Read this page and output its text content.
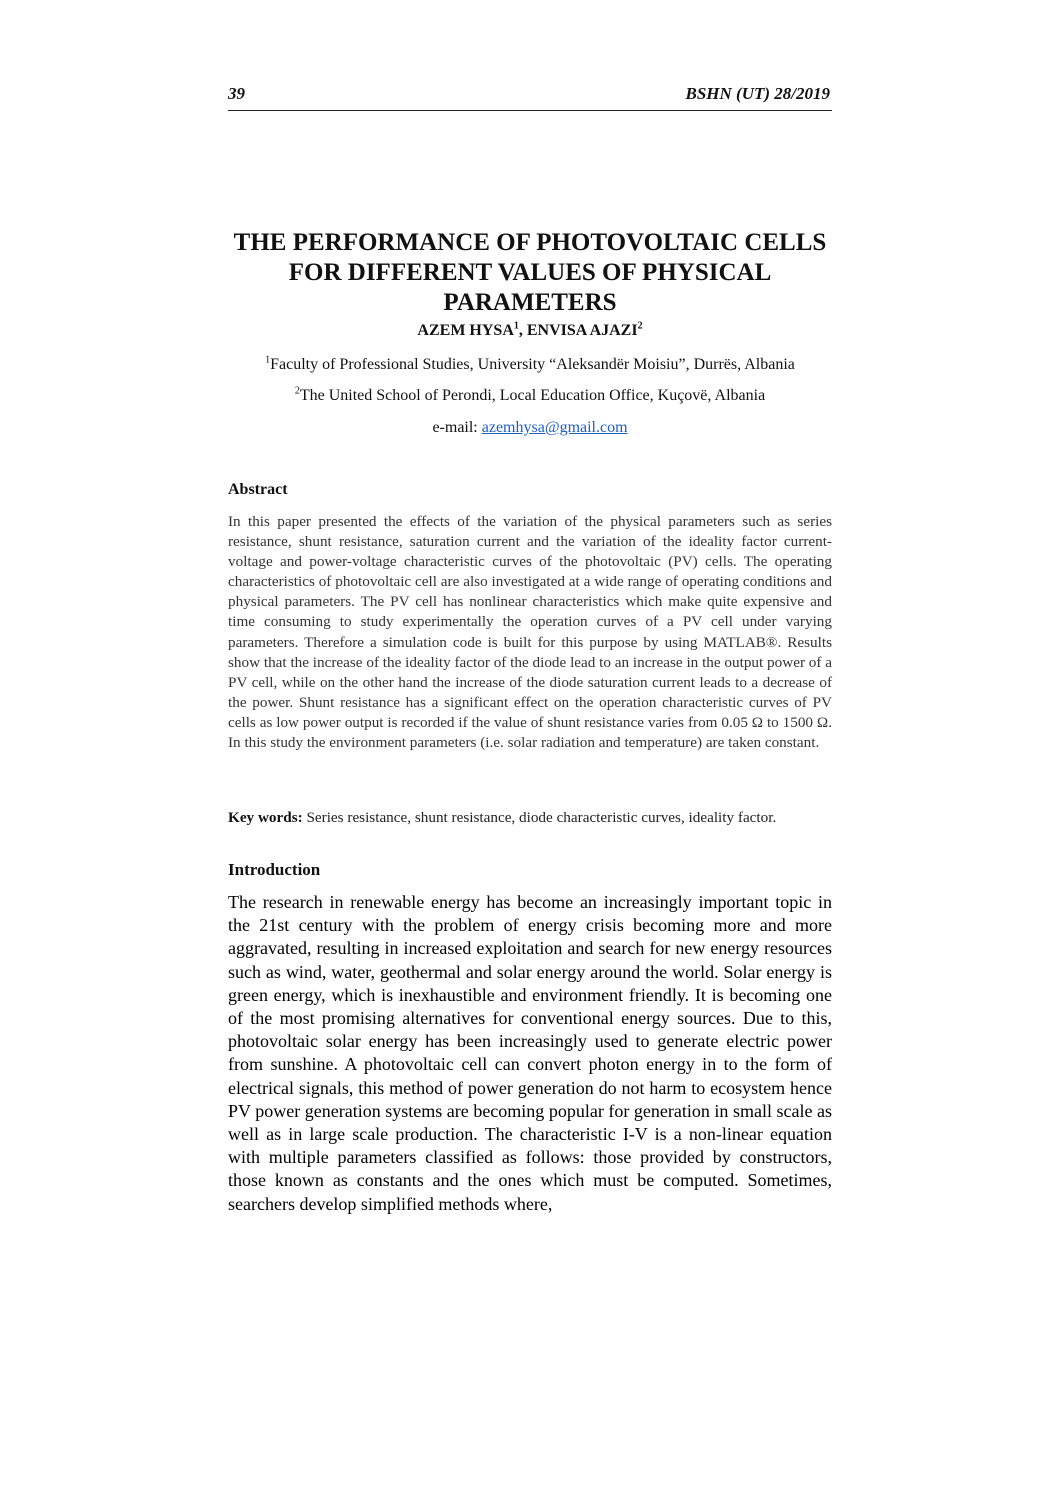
39	BSHN (UT) 28/2019
THE PERFORMANCE OF PHOTOVOLTAIC CELLS
FOR DIFFERENT VALUES OF PHYSICAL
PARAMETERS
AZEM HYSA$^1$, ENVISA AJAZI$^2$
$^1$Faculty of Professional Studies, University “Aleksandër Moisiu”, Durrës, Albania
$^2$The United School of Perondi, Local Education Office, Kuçovë, Albania
e-mail: azemhysa@gmail.com
Abstract

In this paper presented the effects of the variation of the physical parameters such as series resistance, shunt resistance, saturation current and the variation of the ideality factor current-voltage and power-voltage characteristic curves of the photovoltaic (PV) cells. The operating characteristics of photovoltaic cell are also investigated at a wide range of operating conditions and physical parameters. The PV cell has nonlinear characteristics which make quite expensive and time consuming to study experimentally the operation curves of a PV cell under varying parameters. Therefore a simulation code is built for this purpose by using MATLAB®. Results show that the increase of the ideality factor of the diode lead to an increase in the output power of a PV cell, while on the other hand the increase of the diode saturation current leads to a decrease of the power. Shunt resistance has a significant effect on the operation characteristic curves of PV cells as low power output is recorded if the value of shunt resistance varies from 0.05 Ω to 1500 Ω. In this study the environment parameters (i.e. solar radiation and temperature) are taken constant.

Key words: Series resistance, shunt resistance, diode characteristic curves, ideality factor.

Introduction

The research in renewable energy has become an increasingly important topic in the 21st century with the problem of energy crisis becoming more and more aggravated, resulting in increased exploitation and search for new energy resources such as wind, water, geothermal and solar energy around the world. Solar energy is green energy, which is inexhaustible and environment friendly. It is becoming one of the most promising alternatives for conventional energy sources. Due to this, photovoltaic solar energy has been increasingly used to generate electric power from sunshine. A photovoltaic cell can convert photon energy in to the form of electrical signals, this method of power generation do not harm to ecosystem hence PV power generation systems are becoming popular for generation in small scale as well as in large scale production. The characteristic I-V is a non-linear equation with multiple parameters classified as follows: those provided by constructors, those known as constants and the ones which must be computed. Sometimes, searchers develop simplified methods where,
